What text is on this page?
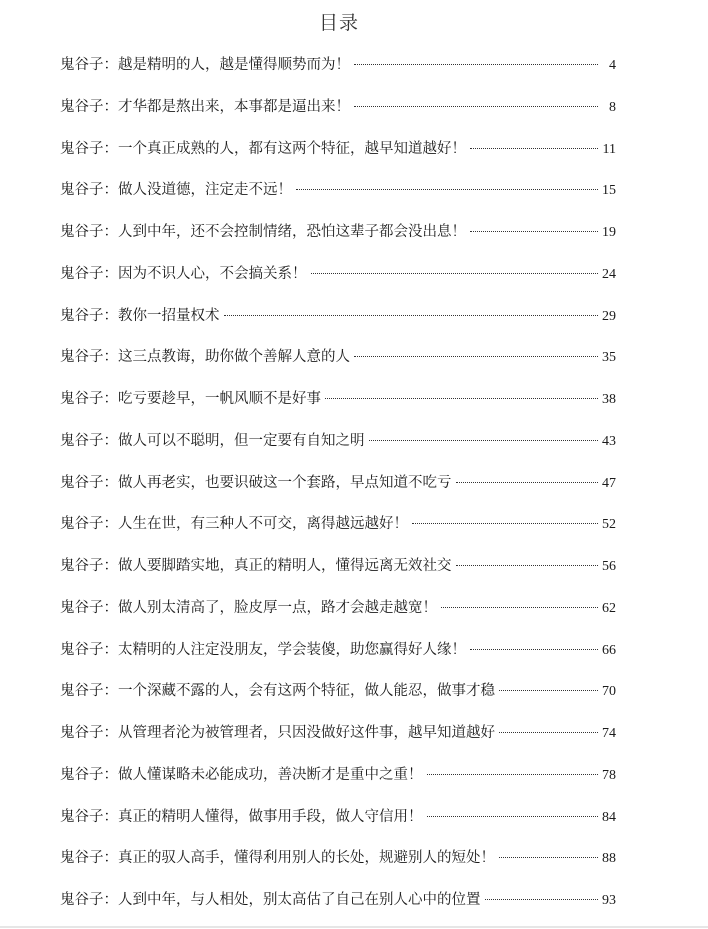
目录
鬼谷子：越是精明的人，越是懂得顺势而为！	4
鬼谷子：才华都是熬出来，本事都是逼出来！	8
鬼谷子：一个真正成熟的人，都有这两个特征，越早知道越好！	11
鬼谷子：做人没道德，注定走不远！	15
鬼谷子：人到中年，还不会控制情绪，恐怕这辈子都会没出息！	19
鬼谷子：因为不识人心，不会搞关系！	24
鬼谷子：教你一招量权术	29
鬼谷子：这三点教诲，助你做个善解人意的人	35
鬼谷子：吃亏要趁早，一帆风顺不是好事	38
鬼谷子：做人可以不聪明，但一定要有自知之明	43
鬼谷子：做人再老实，也要识破这一个套路，早点知道不吃亏	47
鬼谷子：人生在世，有三种人不可交，离得越远越好！	52
鬼谷子：做人要脚踏实地，真正的精明人，懂得远离无效社交	56
鬼谷子：做人别太清高了，脸皮厚一点，路才会越走越宽！	62
鬼谷子：太精明的人注定没朋友，学会装傻，助您赢得好人缘！	66
鬼谷子：一个深藏不露的人，会有这两个特征，做人能忍，做事才稳	70
鬼谷子：从管理者沦为被管理者，只因没做好这件事，越早知道越好	74
鬼谷子：做人懂谋略未必能成功，善决断才是重中之重！	78
鬼谷子：真正的精明人懂得，做事用手段，做人守信用！	84
鬼谷子：真正的驭人高手，懂得利用别人的长处，规避别人的短处！	88
鬼谷子：人到中年，与人相处，别太高估了自己在别人心中的位置	93
